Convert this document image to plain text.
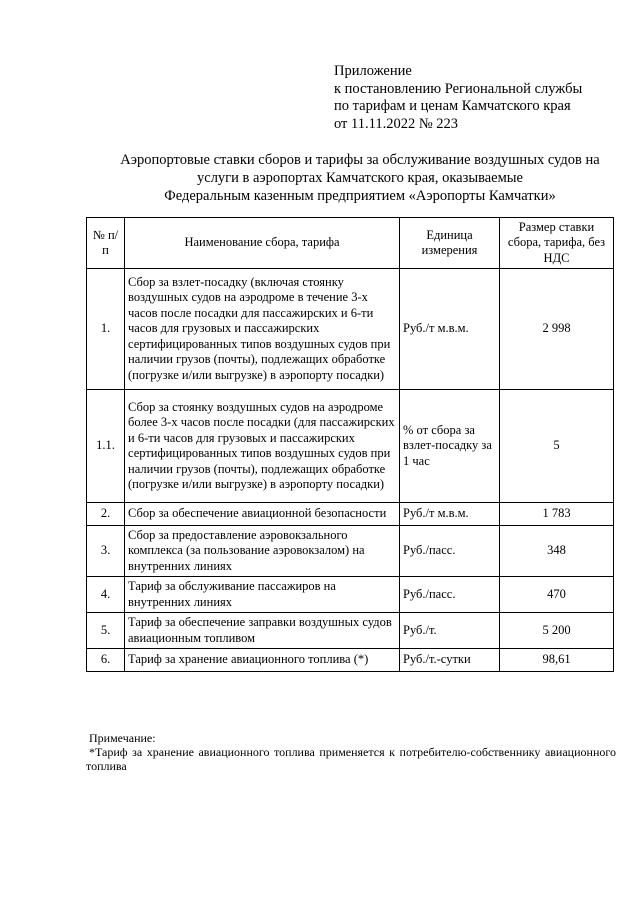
Приложение
к постановлению Региональной службы
по тарифам и ценам Камчатского края
от 11.11.2022 № 223
Аэропортовые ставки сборов и тарифы за обслуживание воздушных судов на
услуги в аэропортах Камчатского края, оказываемые
Федеральным казенным предприятием «Аэропорты Камчатки»
№ п/п	Наименование сбора, тарифа	Единица измерения	Размер ставки сбора, тарифа, без НДС
1.	Сбор за взлет-посадку (включая стоянку воздушных судов на аэродроме в течение 3-х часов после посадки для пассажирских и 6-ти часов для грузовых и пассажирских сертифицированных типов воздушных судов при наличии грузов (почты), подлежащих обработке (погрузке и/или выгрузке) в аэропорту посадки)	Руб./т м.в.м.	2 998
1.1.	Сбор за стоянку воздушных судов на аэродроме более 3-х часов после посадки (для пассажирских и 6-ти часов для грузовых и пассажирских сертифицированных типов воздушных судов при наличии грузов (почты), подлежащих обработке (погрузке и/или выгрузке) в аэропорту посадки)	% от сбора за взлет-посадку за 1 час	5
2.	Сбор за обеспечение авиационной безопасности	Руб./т м.в.м.	1 783
3.	Сбор за предоставление аэровокзального комплекса (за пользование аэровокзалом) на внутренних линиях	Руб./пасс.	348
4.	Тариф за обслуживание пассажиров на внутренних линиях	Руб./пасс.	470
5.	Тариф за обеспечение заправки воздушных судов авиационным топливом	Руб./т.	5 200
6.	Тариф за хранение авиационного топлива (*)	Руб./т.-сутки	98,61
Примечание:
*Тариф за хранение авиационного топлива применяется к потребителю-собственнику авиационного топлива
